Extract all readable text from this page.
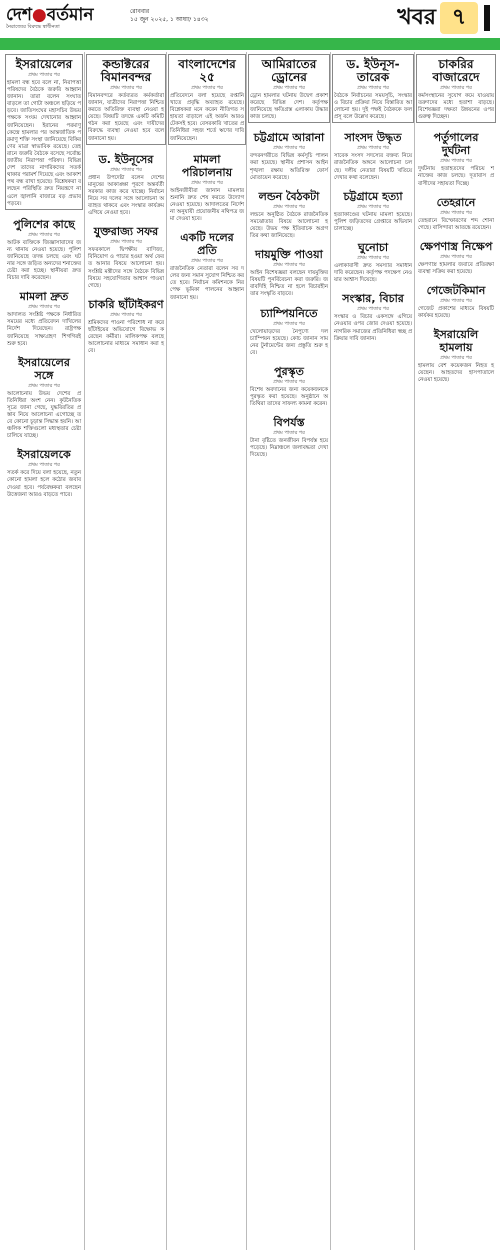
দেশ●বর্তমান
নৈরাজ্যের বিরুদ্ধে স্বাধীনতা
রোববার
১৫ জুন ২০২৫, ১ আষাঢ় ১৪৩২	খবর ৭
ইসরায়েলের
প্রথম পাতার পর
হামলা বন্ধ হবে বলে না, নিরাপত্তা পরিষদের বৈঠকে জরুরি আহ্বান জানান। তারা বলেন সংঘাত বাড়লে তা গোটা অঞ্চলে ছড়িয়ে পড়বে। জাতিসংঘের মহাসচিব উভয় পক্ষকে সংযম দেখানোর আহ্বান জানিয়েছেন। ইরানের পরমাণু কেন্দ্রে হামলার পর আন্তর্জাতিক পরমাণু শক্তি সংস্থা জানিয়েছে বিকিরণের মাত্রা স্বাভাবিক রয়েছে। তেহরানে জরুরি বৈঠকে বসেছে সর্বোচ্চ জাতীয় নিরাপত্তা পরিষদ। বিভিন্ন দেশ তাদের নাগরিকদের সতর্ক থাকার পরামর্শ দিয়েছে এবং আকাশপথ বন্ধ রাখা হয়েছে। বিশ্লেষকরা বলছেন পরিস্থিতি দ্রুত নিয়ন্ত্রণে না এলে জ্বালানি বাজারে বড় প্রভাব পড়বে।
পুলিশের কাছে
প্রথম পাতার পর
আটক ব্যক্তিকে জিজ্ঞাসাবাদের জন্য থানায় নেওয়া হয়েছে। পুলিশ জানিয়েছে তদন্ত চলছে এবং ঘটনার সঙ্গে জড়িত অন্যদের শনাক্তের চেষ্টা করা হচ্ছে। স্থানীয়রা দ্রুত বিচার দাবি করেছেন।
মামলা দ্রুত
প্রথম পাতার পর
আদালত সংশ্লিষ্ট পক্ষকে নির্ধারিত সময়ের মধ্যে প্রতিবেদন দাখিলের নির্দেশ দিয়েছেন। রাষ্ট্রপক্ষ জানিয়েছে সাক্ষ্যগ্রহণ শিগগিরই শুরু হবে।
ইসরায়েলের সঙ্গে
প্রথম পাতার পর
আলোচনায় উভয় দেশের প্রতিনিধিরা অংশ নেন। কূটনৈতিক সূত্রে জানা গেছে, যুদ্ধবিরতির প্রস্তাব নিয়ে আলোচনা এগোচ্ছে তবে কোনো চূড়ান্ত সিদ্ধান্ত হয়নি। আঞ্চলিক শক্তিগুলো মধ্যস্থতার চেষ্টা চালিয়ে যাচ্ছে।
ইসরায়েলকে
প্রথম পাতার পর
সতর্ক করে দিয়ে বলা হয়েছে, নতুন কোনো হামলা হলে কঠোর জবাব দেওয়া হবে। পর্যবেক্ষকরা বলছেন উত্তেজনা আরও বাড়তে পারে।
কন্ডাক্টরের বিমানবন্দর
প্রথম পাতার পর
বিমানবন্দরে কর্তব্যরত কর্মকর্তারা জানান, যাত্রীদের নিরাপত্তা নিশ্চিত করতে অতিরিক্ত ব্যবস্থা নেওয়া হয়েছে। বিষয়টি তদন্তে একটি কমিটি গঠন করা হয়েছে এবং দায়ীদের বিরুদ্ধে ব্যবস্থা নেওয়া হবে বলে জানানো হয়।
ড. ইউনূসের
প্রথম পাতার পর
প্রধান উপদেষ্টা বলেন দেশের মানুষের আকাঙ্ক্ষা পূরণে অন্তর্বর্তী সরকার কাজ করে যাচ্ছে। নির্বাচন নিয়ে সব দলের সঙ্গে আলোচনা অব্যাহত থাকবে এবং সংস্কার কার্যক্রম এগিয়ে নেওয়া হবে।
যুক্তরাজ্য সফর
প্রথম পাতার পর
সফরকালে দ্বিপক্ষীয় বাণিজ্য, বিনিয়োগ ও পাচার হওয়া অর্থ ফেরত আনার বিষয়ে আলোচনা হয়। সংশ্লিষ্ট মন্ত্রীদের সঙ্গে বৈঠকে বিভিন্ন বিষয়ে সহযোগিতার আশ্বাস পাওয়া গেছে।
চাকরি ছাঁটাইকরণ
প্রথম পাতার পর
শ্রমিকদের পাওনা পরিশোধ না করে ছাঁটাইয়ের অভিযোগে বিক্ষোভ করেছেন কর্মীরা। মালিকপক্ষ বলছে আলোচনার মাধ্যমে সমাধান করা হবে।
বাংলাদেশের ২৫
প্রথম পাতার পর
প্রতিবেদনে বলা হয়েছে রপ্তানি খাতে প্রবৃদ্ধি অব্যাহত রয়েছে। বিশ্লেষকরা মনে করেন নীতিগত সহায়তা বাড়ালে এই অর্জন আরও টেকসই হবে। বেসরকারি খাতের প্রতিনিধিরা সহজ শর্তে ঋণের দাবি জানিয়েছেন।
মামলা পরিচালনায়
প্রথম পাতার পর
আইনজীবীরা জানান মামলার শুনানি দ্রুত শেষ করতে উদ্যোগ নেওয়া হয়েছে। আদালতের নির্দেশনা অনুযায়ী প্রয়োজনীয় নথিপত্র জমা দেওয়া হবে।
একটি দলের প্রতি
প্রথম পাতার পর
রাজনৈতিক নেতারা বলেন সব দলের জন্য সমান সুযোগ নিশ্চিত করতে হবে। নির্বাচন কমিশনকে নিরপেক্ষ ভূমিকা পালনের আহ্বান জানানো হয়।
আমিরাতের ড্রোনের
প্রথম পাতার পর
ড্রোন হামলার ঘটনায় উদ্বেগ প্রকাশ করেছে বিভিন্ন দেশ। কর্তৃপক্ষ জানিয়েছে ক্ষতিগ্রস্ত এলাকায় উদ্ধারকাজ চলছে।
চট্টগ্রামে আরানা
প্রথম পাতার পর
বন্দরনগরীতে বিভিন্ন কর্মসূচি পালন করা হয়েছে। স্থানীয় প্রশাসন আইনশৃঙ্খলা রক্ষায় অতিরিক্ত ফোর্স মোতায়েন করেছে।
লন্ডন বৈঠকটা
প্রথম পাতার পর
লন্ডনে অনুষ্ঠিত বৈঠকে রাজনৈতিক সমঝোতার বিষয়ে আলোচনা হয়েছে। উভয় পক্ষ ইতিবাচক অগ্রগতির কথা জানিয়েছে।
দায়মুক্তি পাওয়া
প্রথম পাতার পর
আইন বিশেষজ্ঞরা বলছেন দায়মুক্তির বিষয়টি পুনর্বিবেচনা করা জরুরি। জবাবদিহি নিশ্চিত না হলে বিচারহীনতার সংস্কৃতি বাড়বে।
চ্যাম্পিয়নিতে
প্রথম পাতার পর
খেলোয়াড়দের নৈপুণ্যে দল চ্যাম্পিয়ন হয়েছে। কোচ জানান সামনের টুর্নামেন্টের জন্য প্রস্তুতি শুরু হবে।
পুরস্কৃত
প্রথম পাতার পর
বিশেষ অবদানের জন্য কয়েকজনকে পুরস্কৃত করা হয়েছে। অনুষ্ঠানে অতিথিরা তাদের সাফল্য কামনা করেন।
বিপর্যস্ত
প্রথম পাতার পর
টানা বৃষ্টিতে জনজীবন বিপর্যস্ত হয়ে পড়েছে। নিম্নাঞ্চলে জলাবদ্ধতা দেখা দিয়েছে।
ড. ইউনূস-তারেক
প্রথম পাতার পর
বৈঠকে নির্বাচনের সময়সূচি, সংস্কার ও বিচার প্রক্রিয়া নিয়ে বিস্তারিত আলোচনা হয়। দুই পক্ষই বৈঠককে ফলপ্রসূ বলে উল্লেখ করেছে।
সাংসদ উদ্ধৃত
প্রথম পাতার পর
সাবেক সংসদ সদস্যের বক্তব্য নিয়ে রাজনৈতিক অঙ্গনে আলোচনা চলছে। দলীয় নেতারা বিষয়টি খতিয়ে দেখার কথা বলেছেন।
চট্টগ্রামে হত্যা
প্রথম পাতার পর
হত্যাকাণ্ডের ঘটনায় মামলা হয়েছে। পুলিশ জড়িতদের গ্রেপ্তারে অভিযান চালাচ্ছে।
ঘুনোচা
প্রথম পাতার পর
এলাকাবাসী দ্রুত সমস্যার সমাধান দাবি করেছেন। কর্তৃপক্ষ পদক্ষেপ নেওয়ার আশ্বাস দিয়েছে।
সংস্কার, বিচার
প্রথম পাতার পর
সংস্কার ও বিচার একসঙ্গে এগিয়ে নেওয়ার ওপর জোর দেওয়া হয়েছে। নাগরিক সমাজের প্রতিনিধিরা স্বচ্ছ প্রক্রিয়ার দাবি জানান।
চাকরির বাজারেদে
প্রথম পাতার পর
কর্মসংস্থানের সুযোগ কমে যাওয়ায় তরুণদের মধ্যে হতাশা বাড়ছে। বিশেষজ্ঞরা দক্ষতা উন্নয়নের ওপর গুরুত্ব দিচ্ছেন।
পর্তুগালের দুর্ঘটনা
প্রথম পাতার পর
দুর্ঘটনায় হতাহতদের পরিচয় শনাক্তের কাজ চলছে। দূতাবাস প্রবাসীদের সহায়তা দিচ্ছে।
তেহরানে
প্রথম পাতার পর
তেহরানে বিস্ফোরণের শব্দ শোনা গেছে। বাসিন্দারা আতঙ্কে রয়েছেন।
ক্ষেপণাস্ত্র নিক্ষেপ
প্রথম পাতার পর
ক্ষেপণাস্ত্র হামলার জবাবে প্রতিরক্ষা ব্যবস্থা সক্রিয় করা হয়েছে।
গেজেটকিমান
প্রথম পাতার পর
গেজেট প্রকাশের মাধ্যমে বিষয়টি কার্যকর হয়েছে।
ইসরায়েলি হামলায়
প্রথম পাতার পর
হামলায় বেশ কয়েকজন নিহত হয়েছেন। আহতদের হাসপাতালে নেওয়া হয়েছে।
